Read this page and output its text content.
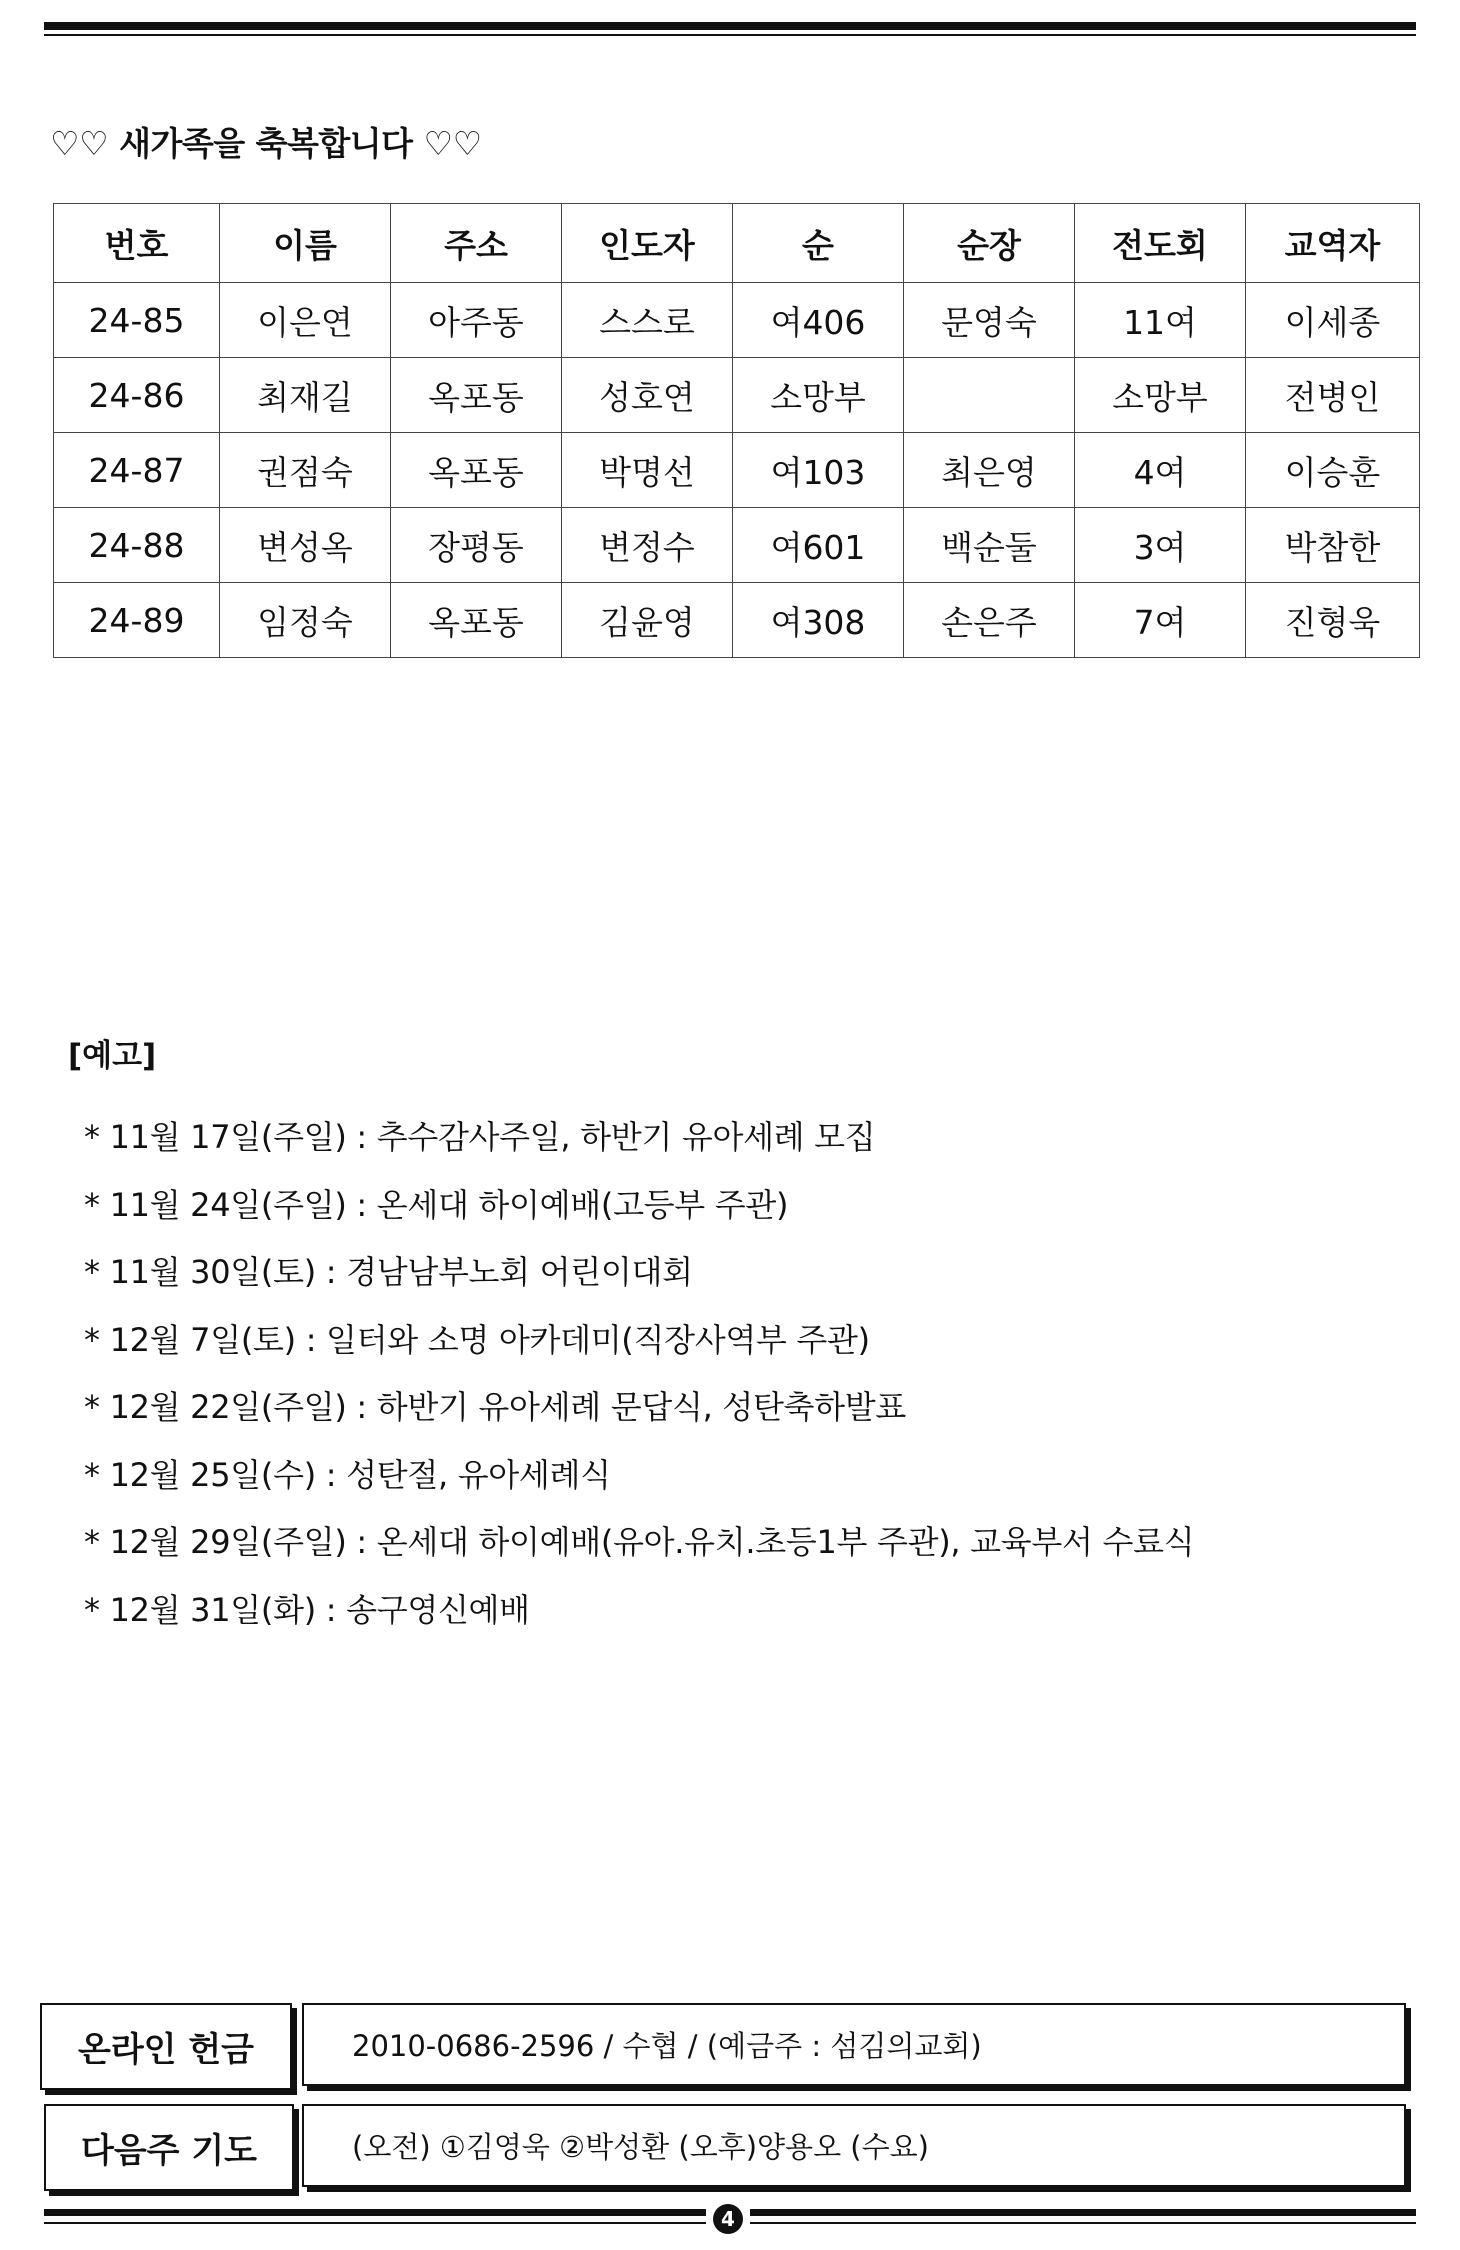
♡♡ 새가족을 축복합니다 ♡♡
번호	이름	주소	인도자	순	순장	전도회	교역자
24-85	이은연	아주동	스스로	여406	문영숙	11여	이세종
24-86	최재길	옥포동	성호연	소망부		소망부	전병인
24-87	권점숙	옥포동	박명선	여103	최은영	4여	이승훈
24-88	변성옥	장평동	변정수	여601	백순둘	3여	박참한
24-89	임정숙	옥포동	김윤영	여308	손은주	7여	진형욱
[예고]
* 11월 17일(주일) : 추수감사주일, 하반기 유아세례 모집
* 11월 24일(주일) : 온세대 하이예배(고등부 주관)
* 11월 30일(토) : 경남남부노회 어린이대회
* 12월 7일(토) : 일터와 소명 아카데미(직장사역부 주관)
* 12월 22일(주일) : 하반기 유아세례 문답식, 성탄축하발표
* 12월 25일(수) : 성탄절, 유아세례식
* 12월 29일(주일) : 온세대 하이예배(유아.유치.초등1부 주관), 교육부서 수료식
* 12월 31일(화) : 송구영신예배
온라인 헌금	2010-0686-2596 / 수협 / (예금주 : 섬김의교회)
다음주 기도	(오전) ①김영욱 ②박성환 (오후)양용오 (수요)
4
